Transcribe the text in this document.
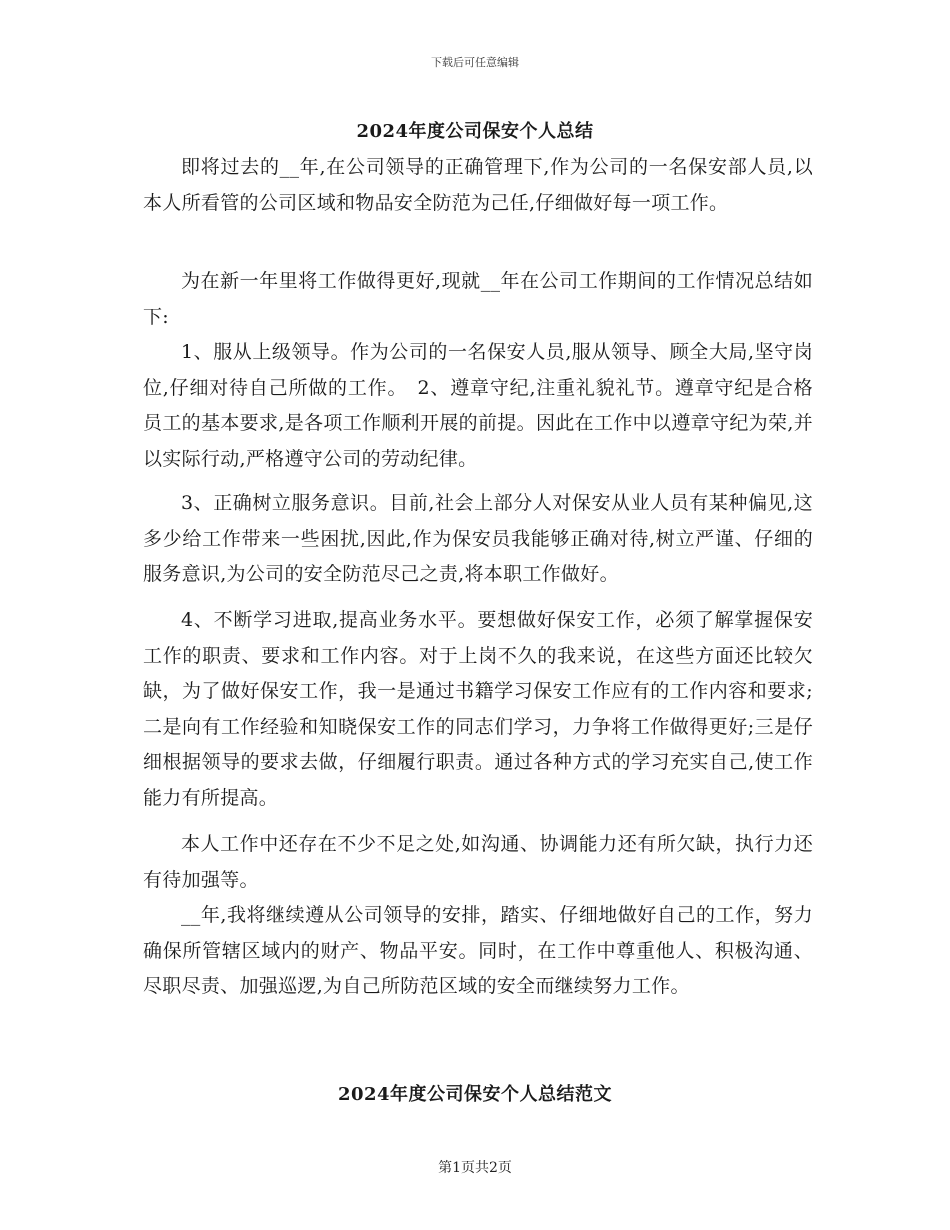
下载后可任意编辑
2024年度公司保安个人总结
即将过去的__年,在公司领导的正确管理下,作为公司的一名保安部人员,以本人所看管的公司区域和物品安全防范为己任,仔细做好每一项工作。
为在新一年里将工作做得更好,现就__年在公司工作期间的工作情况总结如下:
1、服从上级领导。作为公司的一名保安人员,服从领导、顾全大局,坚守岗位,仔细对待自己所做的工作。　2、遵章守纪,注重礼貌礼节。遵章守纪是合格员工的基本要求,是各项工作顺利开展的前提。因此在工作中以遵章守纪为荣,并以实际行动,严格遵守公司的劳动纪律。
3、正确树立服务意识。目前,社会上部分人对保安从业人员有某种偏见,这多少给工作带来一些困扰,因此,作为保安员我能够正确对待,树立严谨、仔细的服务意识,为公司的安全防范尽己之责,将本职工作做好。
4、不断学习进取,提高业务水平。要想做好保安工作，必须了解掌握保安工作的职责、要求和工作内容。对于上岗不久的我来说，在这些方面还比较欠缺，为了做好保安工作，我一是通过书籍学习保安工作应有的工作内容和要求;二是向有工作经验和知晓保安工作的同志们学习，力争将工作做得更好;三是仔细根据领导的要求去做，仔细履行职责。通过各种方式的学习充实自己,使工作能力有所提高。
本人工作中还存在不少不足之处,如沟通、协调能力还有所欠缺，执行力还有待加强等。
__年,我将继续遵从公司领导的安排，踏实、仔细地做好自己的工作，努力确保所管辖区域内的财产、物品平安。同时，在工作中尊重他人、积极沟通、尽职尽责、加强巡逻,为自己所防范区域的安全而继续努力工作。
2024年度公司保安个人总结范文
第1页共2页
